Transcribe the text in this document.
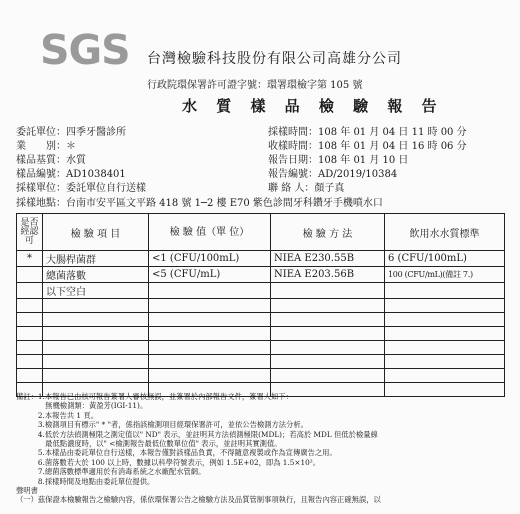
SGS 台灣檢驗科技股份有限公司高雄分公司
行政院環保署許可證字號：環署環檢字第 105 號
水 質 樣 品 檢 驗 報 告
委託單位：四季牙醫診所
業　　別：＊
樣品基質：水質
樣品編號：AD1038401
採樣單位：委託單位自行送樣
採樣地點：台南市安平區文平路 418 號 1─2 樓 E70 紫色診間牙科鑽牙手機噴水口
採樣時間：108 年 01 月 04 日 11 時 00 分
收樣時間：108 年 01 月 04 日 16 時 06 分
報告日期：108 年 01 月 10 日
報告編號：AD/2019/10384
聯 絡 人：顏子真
是否經認可	檢 驗 項 目	檢 驗 值（單 位）	檢 驗 方 法	飲用水水質標準
*	大腸桿菌群	<1 (CFU/100mL)	NIEA E230.55B	6 (CFU/100mL)
	總菌落數	<5 (CFU/mL)	NIEA E203.56B	100 (CFU/mL)(備註 7.)
	以下空白			

備註：1.本報告已由核可報告簽署人審核無誤，並簽署於內部報告文件，簽署人如下：
　　　　無機檢測類：黃盈芳(IGI-11)。
　　　2.本報告共 1 頁。
　　　3.檢測項目有標示" * "者，係指該檢測項目經環保署許可，並依公告檢測方法分析。
　　　4.低於方法偵測極限之測定值以" ND" 表示，並註明其方法偵測極限(MDL)；若高於 MDL 但低於檢量線
　　　　最低點濃度時，以" <檢測報告最低位數單位值" 表示，並註明其實測值。
　　　5.本樣品由委託單位自行送樣，本報告僅對該樣品負責，不得隨意複製或作為宣傳廣告之用。
　　　6.菌落數若大於 100 以上時，數據以科學符號表示，例如 1.5E+02，即為 1.5×10²。
　　　7.總菌落數標準適用於有消毒系統之水廠配水管網。
　　　8.採樣時間及地點由委託單位提供。
聲明書
（一）茲保證本檢驗報告之檢驗內容，係依環保署公告之檢驗方法及品質管制事項執行，且報告內容正確無誤，以
